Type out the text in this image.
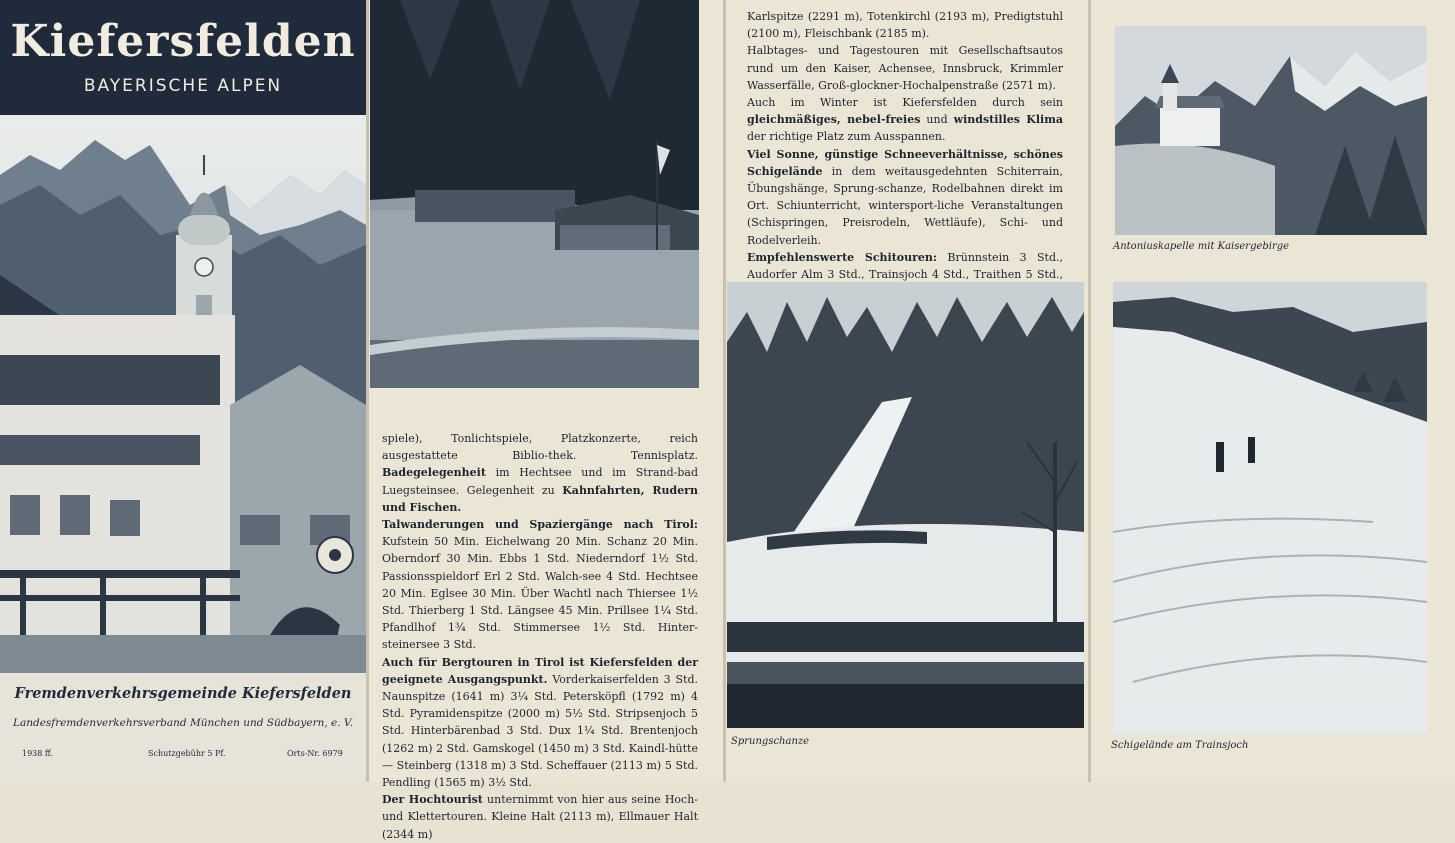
Kiefersfelden
BAYERISCHE ALPEN
Fremdenverkehrsgemeinde Kiefersfelden
Landesfremdenverkehrsverband München und Südbayern, e. V.
1938 ff.	Schutzgebühr 5 Pf.	Orts-Nr. 6979

spiele), Tonlichtspiele, Platzkonzerte, reich ausgestattete Biblio-thek. Tennisplatz. Badegelegenheit im Hechtsee und im Strand-bad Luegsteinsee. Gelegenheit zu Kahnfahrten, Rudern und Fischen.

Talwanderungen und Spaziergänge nach Tirol: Kufstein 50 Min. Eichelwang 20 Min. Schanz 20 Min. Oberndorf 30 Min. Ebbs 1 Std. Niederndorf 1½ Std. Passionsspieldorf Erl 2 Std. Walch-see 4 Std. Hechtsee 20 Min. Eglsee 30 Min. Über Wachtl nach Thiersee 1½ Std. Thierberg 1 Std. Längsee 45 Min. Prillsee 1¼ Std. Pfandlhof 1¾ Std. Stimmersee 1½ Std. Hinter-steinersee 3 Std.

Auch für Bergtouren in Tirol ist Kiefersfelden der geeignete Ausgangspunkt. Vorderkaiserfelden 3 Std. Naunspitze (1641 m) 3¼ Std. Petersköpfl (1792 m) 4 Std. Pyramidenspitze (2000 m) 5½ Std. Stripsenjoch 5 Std. Hinterbärenbad 3 Std. Dux 1¼ Std. Brentenjoch (1262 m) 2 Std. Gamskogel (1450 m) 3 Std. Kaindl-hütte — Steinberg (1318 m) 3 Std. Scheffauer (2113 m) 5 Std. Pendling (1565 m) 3½ Std.

Der Hochtourist unternimmt von hier aus seine Hoch- und Klettertouren. Kleine Halt (2113 m), Ellmauer Halt (2344 m)

Karlspitze (2291 m), Totenkirchl (2193 m), Predigtstuhl (2100 m), Fleischbank (2185 m).

Halbtages- und Tagestouren mit Gesellschaftsautos rund um den Kaiser, Achensee, Innsbruck, Krimmler Wasserfälle, Groß-glockner-Hochalpenstraße (2571 m).

Auch im Winter ist Kiefersfelden durch sein gleichmäßiges, nebel-freies und windstilles Klima der richtige Platz zum Ausspannen.

Viel Sonne, günstige Schneeverhältnisse, schönes Schigelände in dem weitausgedehnten Schiterrain, Übungshänge, Sprung-schanze, Rodelbahnen direkt im Ort. Schiunterricht, wintersport-liche Veranstaltungen (Schispringen, Preisrodeln, Wettläufe), Schi- und Rodelverleih.

Empfehlenswerte Schitouren: Brünnstein 3 Std., Audorfer Alm 3 Std., Trainsjoch 4 Std., Traithen 5 Std.,

Sprungschanze
Antoniuskapelle mit Kaisergebirge
Schigelände am Trainsjoch
